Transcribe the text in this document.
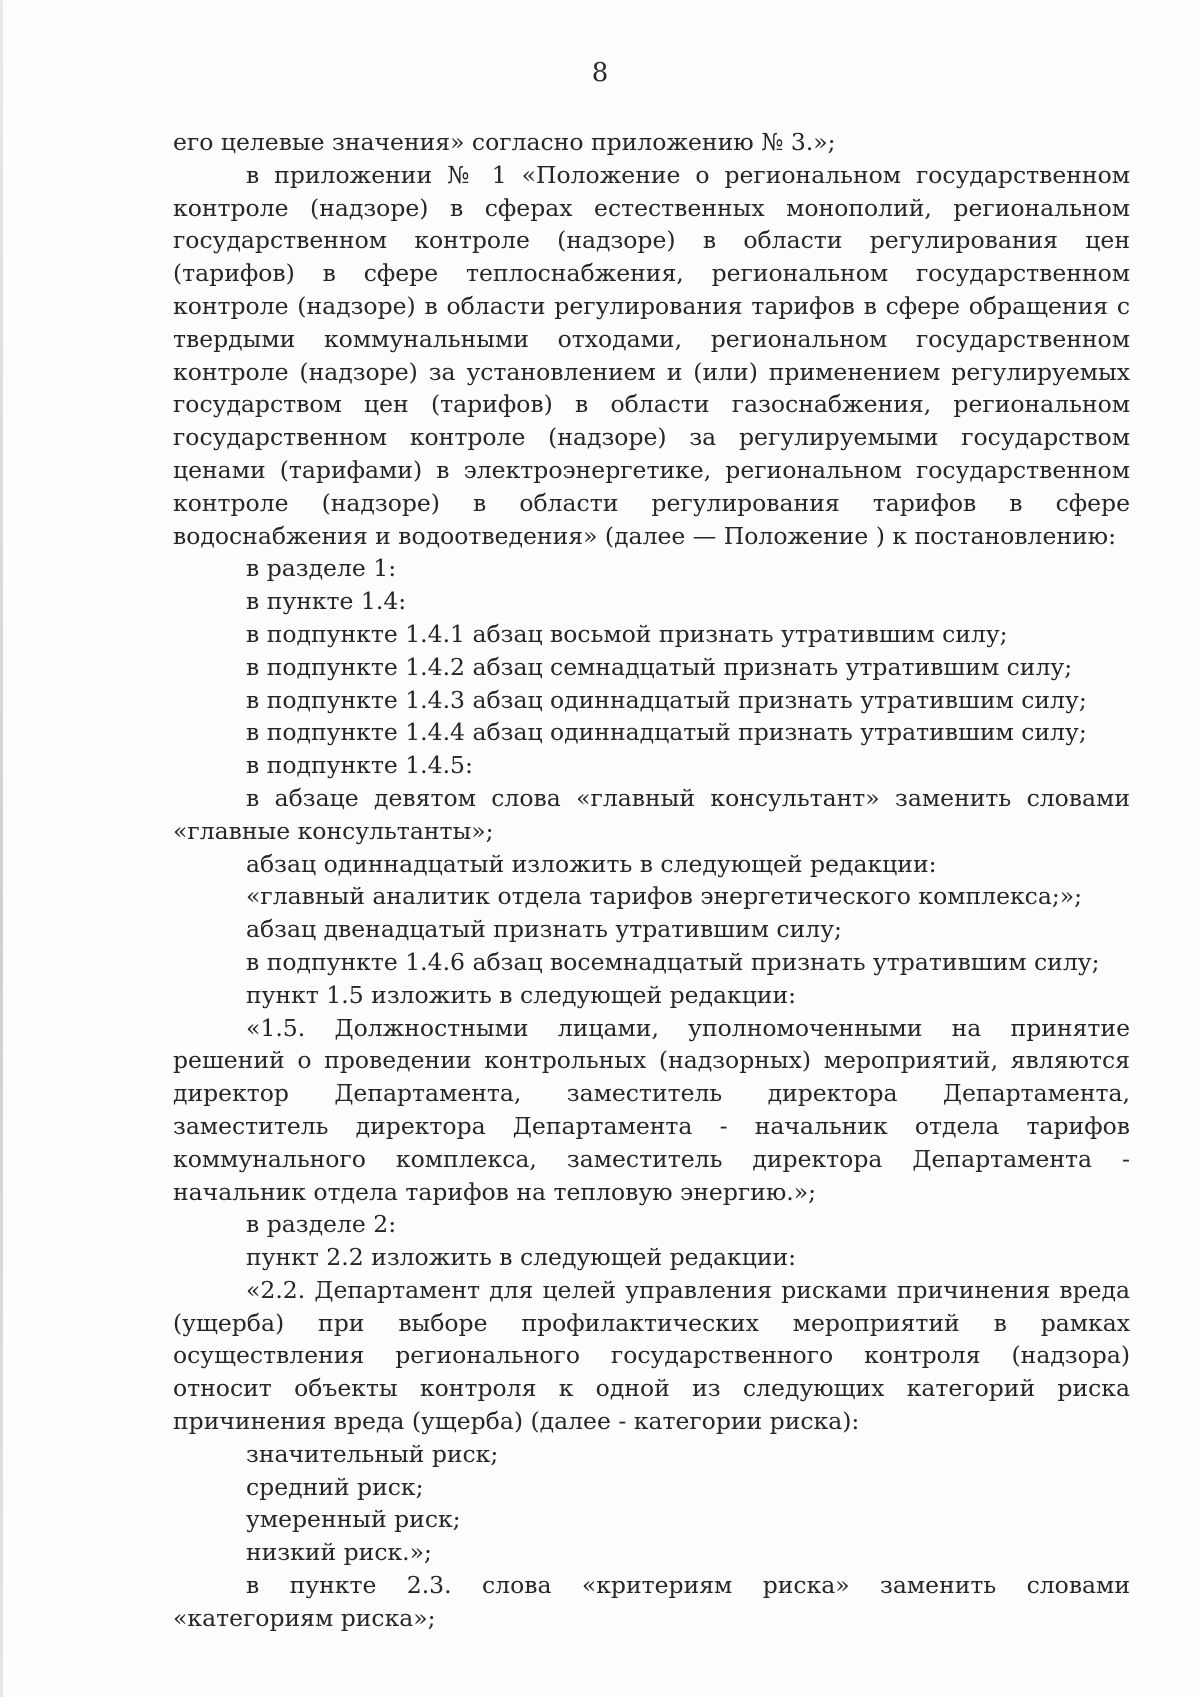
8

его целевые значения» согласно приложению № 3.»;

в приложении № 1 «Положение о региональном государственном контроле (надзоре) в сферах естественных монополий, региональном государственном контроле (надзоре) в области регулирования цен (тарифов) в сфере теплоснабжения, региональном государственном контроле (надзоре) в области регулирования тарифов в сфере обращения с твердыми коммунальными отходами, региональном государственном контроле (надзоре) за установлением и (или) применением регулируемых государством цен (тарифов) в области газоснабжения, региональном государственном контроле (надзоре) за регулируемыми государством ценами (тарифами) в электроэнергетике, региональном государственном контроле (надзоре) в области регулирования тарифов в сфере водоснабжения и водоотведения» (далее — Положение ) к постановлению:

в разделе 1:

в пункте 1.4:

в подпункте 1.4.1 абзац восьмой признать утратившим силу;

в подпункте 1.4.2 абзац семнадцатый признать утратившим силу;

в подпункте 1.4.3 абзац одиннадцатый признать утратившим силу;

в подпункте 1.4.4 абзац одиннадцатый признать утратившим силу;

в подпункте 1.4.5:

в абзаце девятом слова «главный консультант» заменить словами «главные консультанты»;

абзац одиннадцатый изложить в следующей редакции:

«главный аналитик отдела тарифов энергетического комплекса;»;

абзац двенадцатый признать утратившим силу;

в подпункте 1.4.6 абзац восемнадцатый признать утратившим силу;

пункт 1.5 изложить в следующей редакции:

«1.5. Должностными лицами, уполномоченными на принятие решений о проведении контрольных (надзорных) мероприятий, являются директор Департамента, заместитель директора Департамента, заместитель директора Департамента - начальник отдела тарифов коммунального комплекса, заместитель директора Департамента - начальник отдела тарифов на тепловую энергию.»;

в разделе 2:

пункт 2.2 изложить в следующей редакции:

«2.2. Департамент для целей управления рисками причинения вреда (ущерба) при выборе профилактических мероприятий в рамках осуществления регионального государственного контроля (надзора) относит объекты контроля к одной из следующих категорий риска причинения вреда (ущерба) (далее - категории риска):

значительный риск;

средний риск;

умеренный риск;

низкий риск.»;

в пункте 2.3. слова «критериям риска» заменить словами «категориям риска»;
